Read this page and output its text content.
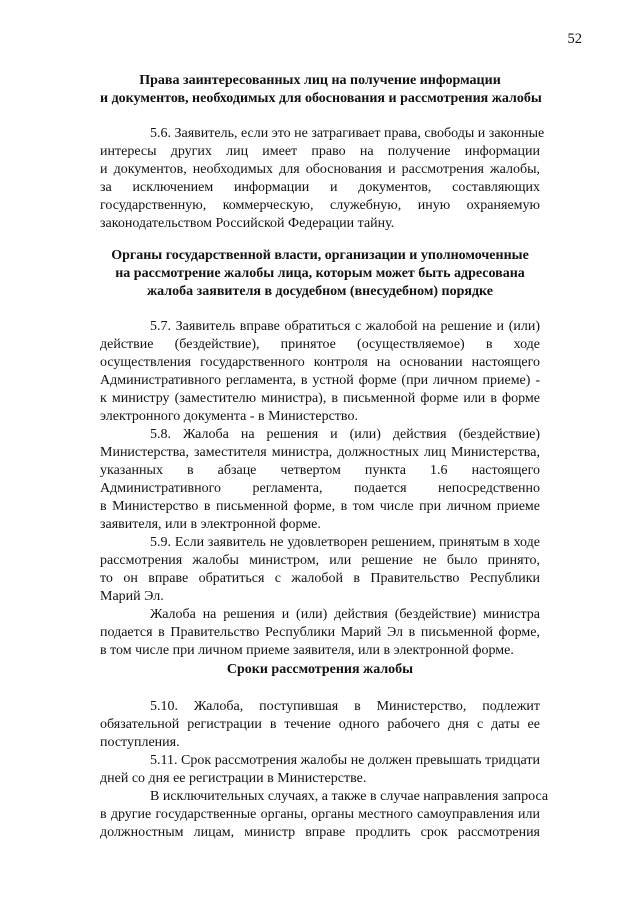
52
Права заинтересованных лиц на получение информации
и документов, необходимых для обоснования и рассмотрения жалобы

5.6. Заявитель, если это не затрагивает права, свободы и законные
интересы других лиц имеет право на получение информации
и документов, необходимых для обоснования и рассмотрения жалобы,
за исключением информации и документов, составляющих
государственную, коммерческую, служебную, иную охраняемую
законодательством Российской Федерации тайну.

Органы государственной власти, организации и уполномоченные
на рассмотрение жалобы лица, которым может быть адресована
жалоба заявителя в досудебном (внесудебном) порядке

5.7. Заявитель вправе обратиться с жалобой на решение и (или)
действие (бездействие), принятое (осуществляемое) в ходе
осуществления государственного контроля на основании настоящего
Административного регламента, в устной форме (при личном приеме) -
к министру (заместителю министра), в письменной форме или в форме
электронного документа - в Министерство.

5.8. Жалоба на решения и (или) действия (бездействие)
Министерства, заместителя министра, должностных лиц Министерства,
указанных в абзаце четвертом пункта 1.6 настоящего
Административного регламента, подается непосредственно
в Министерство в письменной форме, в том числе при личном приеме
заявителя, или в электронной форме.

5.9. Если заявитель не удовлетворен решением, принятым в ходе
рассмотрения жалобы министром, или решение не было принято,
то он вправе обратиться с жалобой в Правительство Республики
Марий Эл.

Жалоба на решения и (или) действия (бездействие) министра
подается в Правительство Республики Марий Эл в письменной форме,
в том числе при личном приеме заявителя, или в электронной форме.

Сроки рассмотрения жалобы

5.10. Жалоба, поступившая в Министерство, подлежит
обязательной регистрации в течение одного рабочего дня с даты ее
поступления.

5.11. Срок рассмотрения жалобы не должен превышать тридцати
дней со дня ее регистрации в Министерстве.

В исключительных случаях, а также в случае направления запроса
в другие государственные органы, органы местного самоуправления или
должностным лицам, министр вправе продлить срок рассмотрения
